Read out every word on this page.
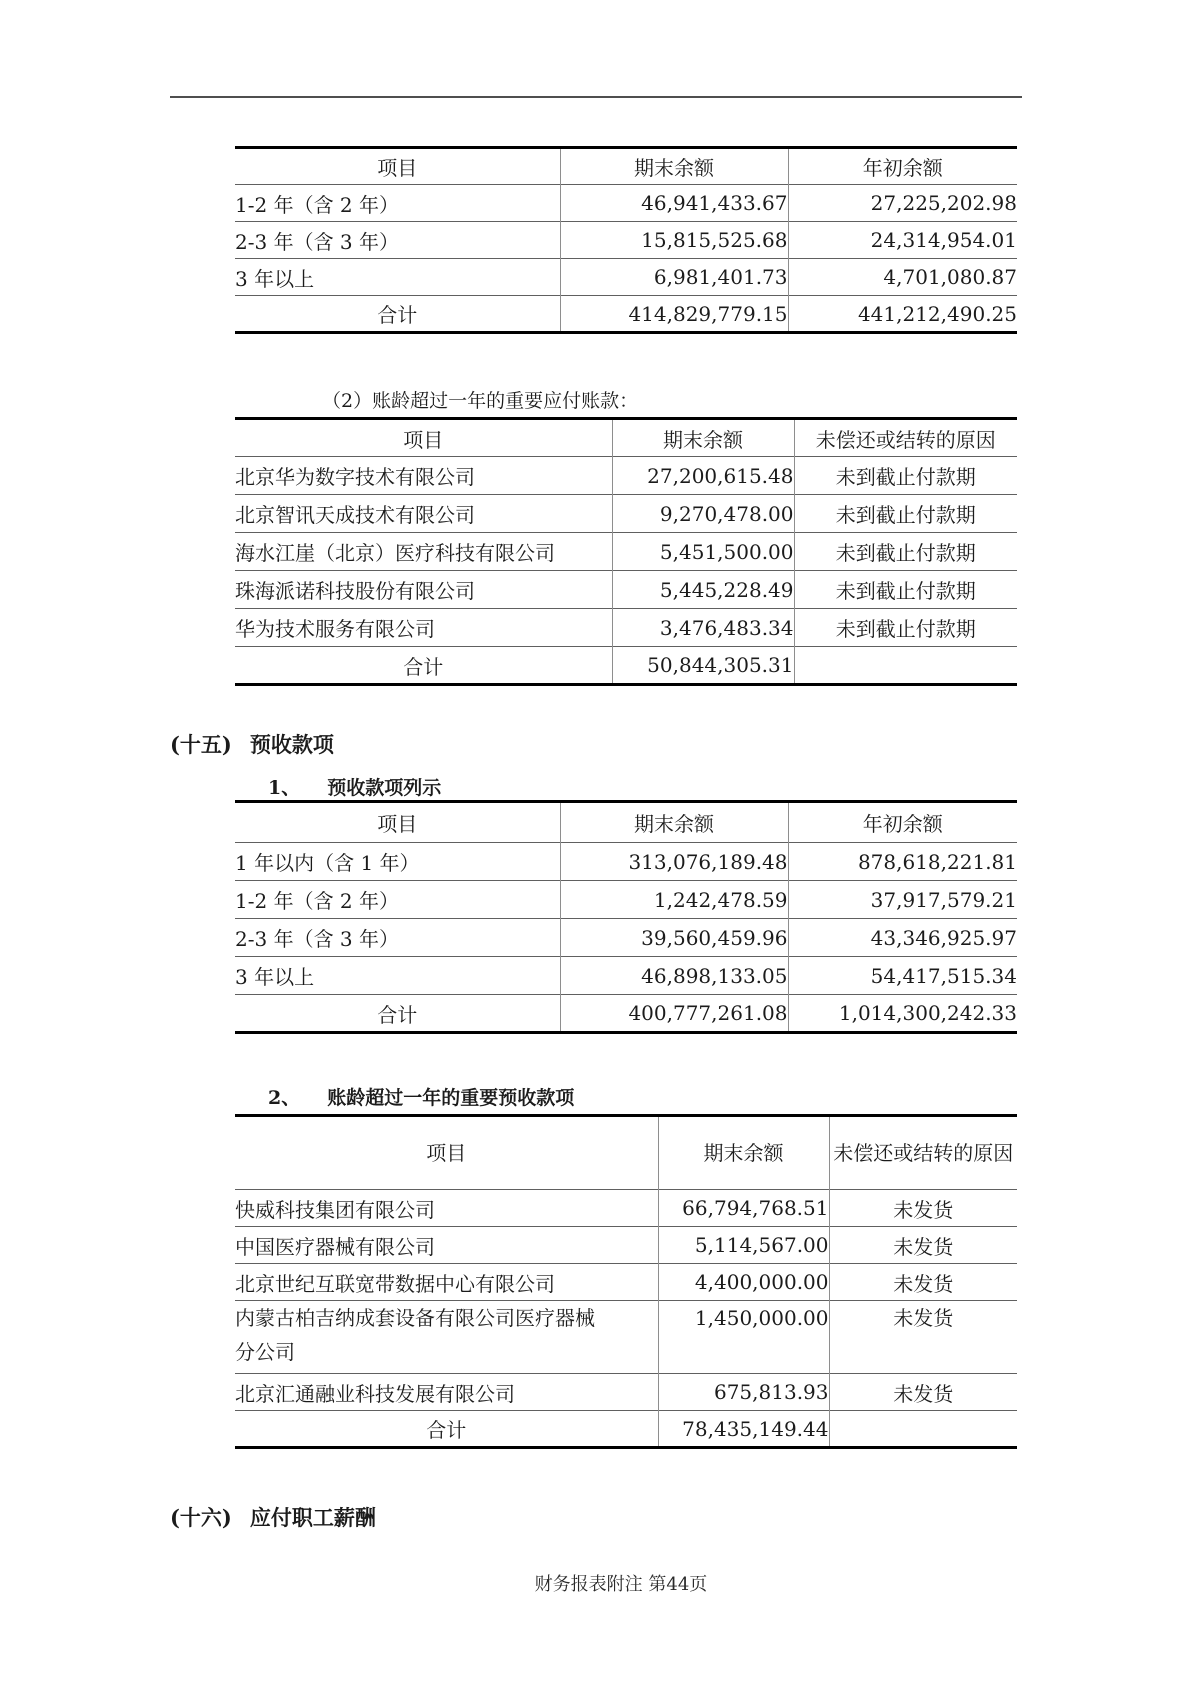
项目	期末余额	年初余额
1-2 年（含 2 年）	46,941,433.67	27,225,202.98
2-3 年（含 3 年）	15,815,525.68	24,314,954.01
3 年以上	6,981,401.73	4,701,080.87
合计	414,829,779.15	441,212,490.25
（2）账龄超过一年的重要应付账款：
项目	期末余额	未偿还或结转的原因
北京华为数字技术有限公司	27,200,615.48	未到截止付款期
北京智讯天成技术有限公司	9,270,478.00	未到截止付款期
海水江崖（北京）医疗科技有限公司	5,451,500.00	未到截止付款期
珠海派诺科技股份有限公司	5,445,228.49	未到截止付款期
华为技术服务有限公司	3,476,483.34	未到截止付款期
合计	50,844,305.31	
(十五) 预收款项
1、 预收款项列示
项目	期末余额	年初余额
1 年以内（含 1 年）	313,076,189.48	878,618,221.81
1-2 年（含 2 年）	1,242,478.59	37,917,579.21
2-3 年（含 3 年）	39,560,459.96	43,346,925.97
3 年以上	46,898,133.05	54,417,515.34
合计	400,777,261.08	1,014,300,242.33
2、 账龄超过一年的重要预收款项
项目	期末余额	未偿还或结转的原因
快威科技集团有限公司	66,794,768.51	未发货
中国医疗器械有限公司	5,114,567.00	未发货
北京世纪互联宽带数据中心有限公司	4,400,000.00	未发货
内蒙古柏吉纳成套设备有限公司医疗器械分公司	1,450,000.00	未发货
北京汇通融业科技发展有限公司	675,813.93	未发货
合计	78,435,149.44	
(十六) 应付职工薪酬
财务报表附注 第44页
